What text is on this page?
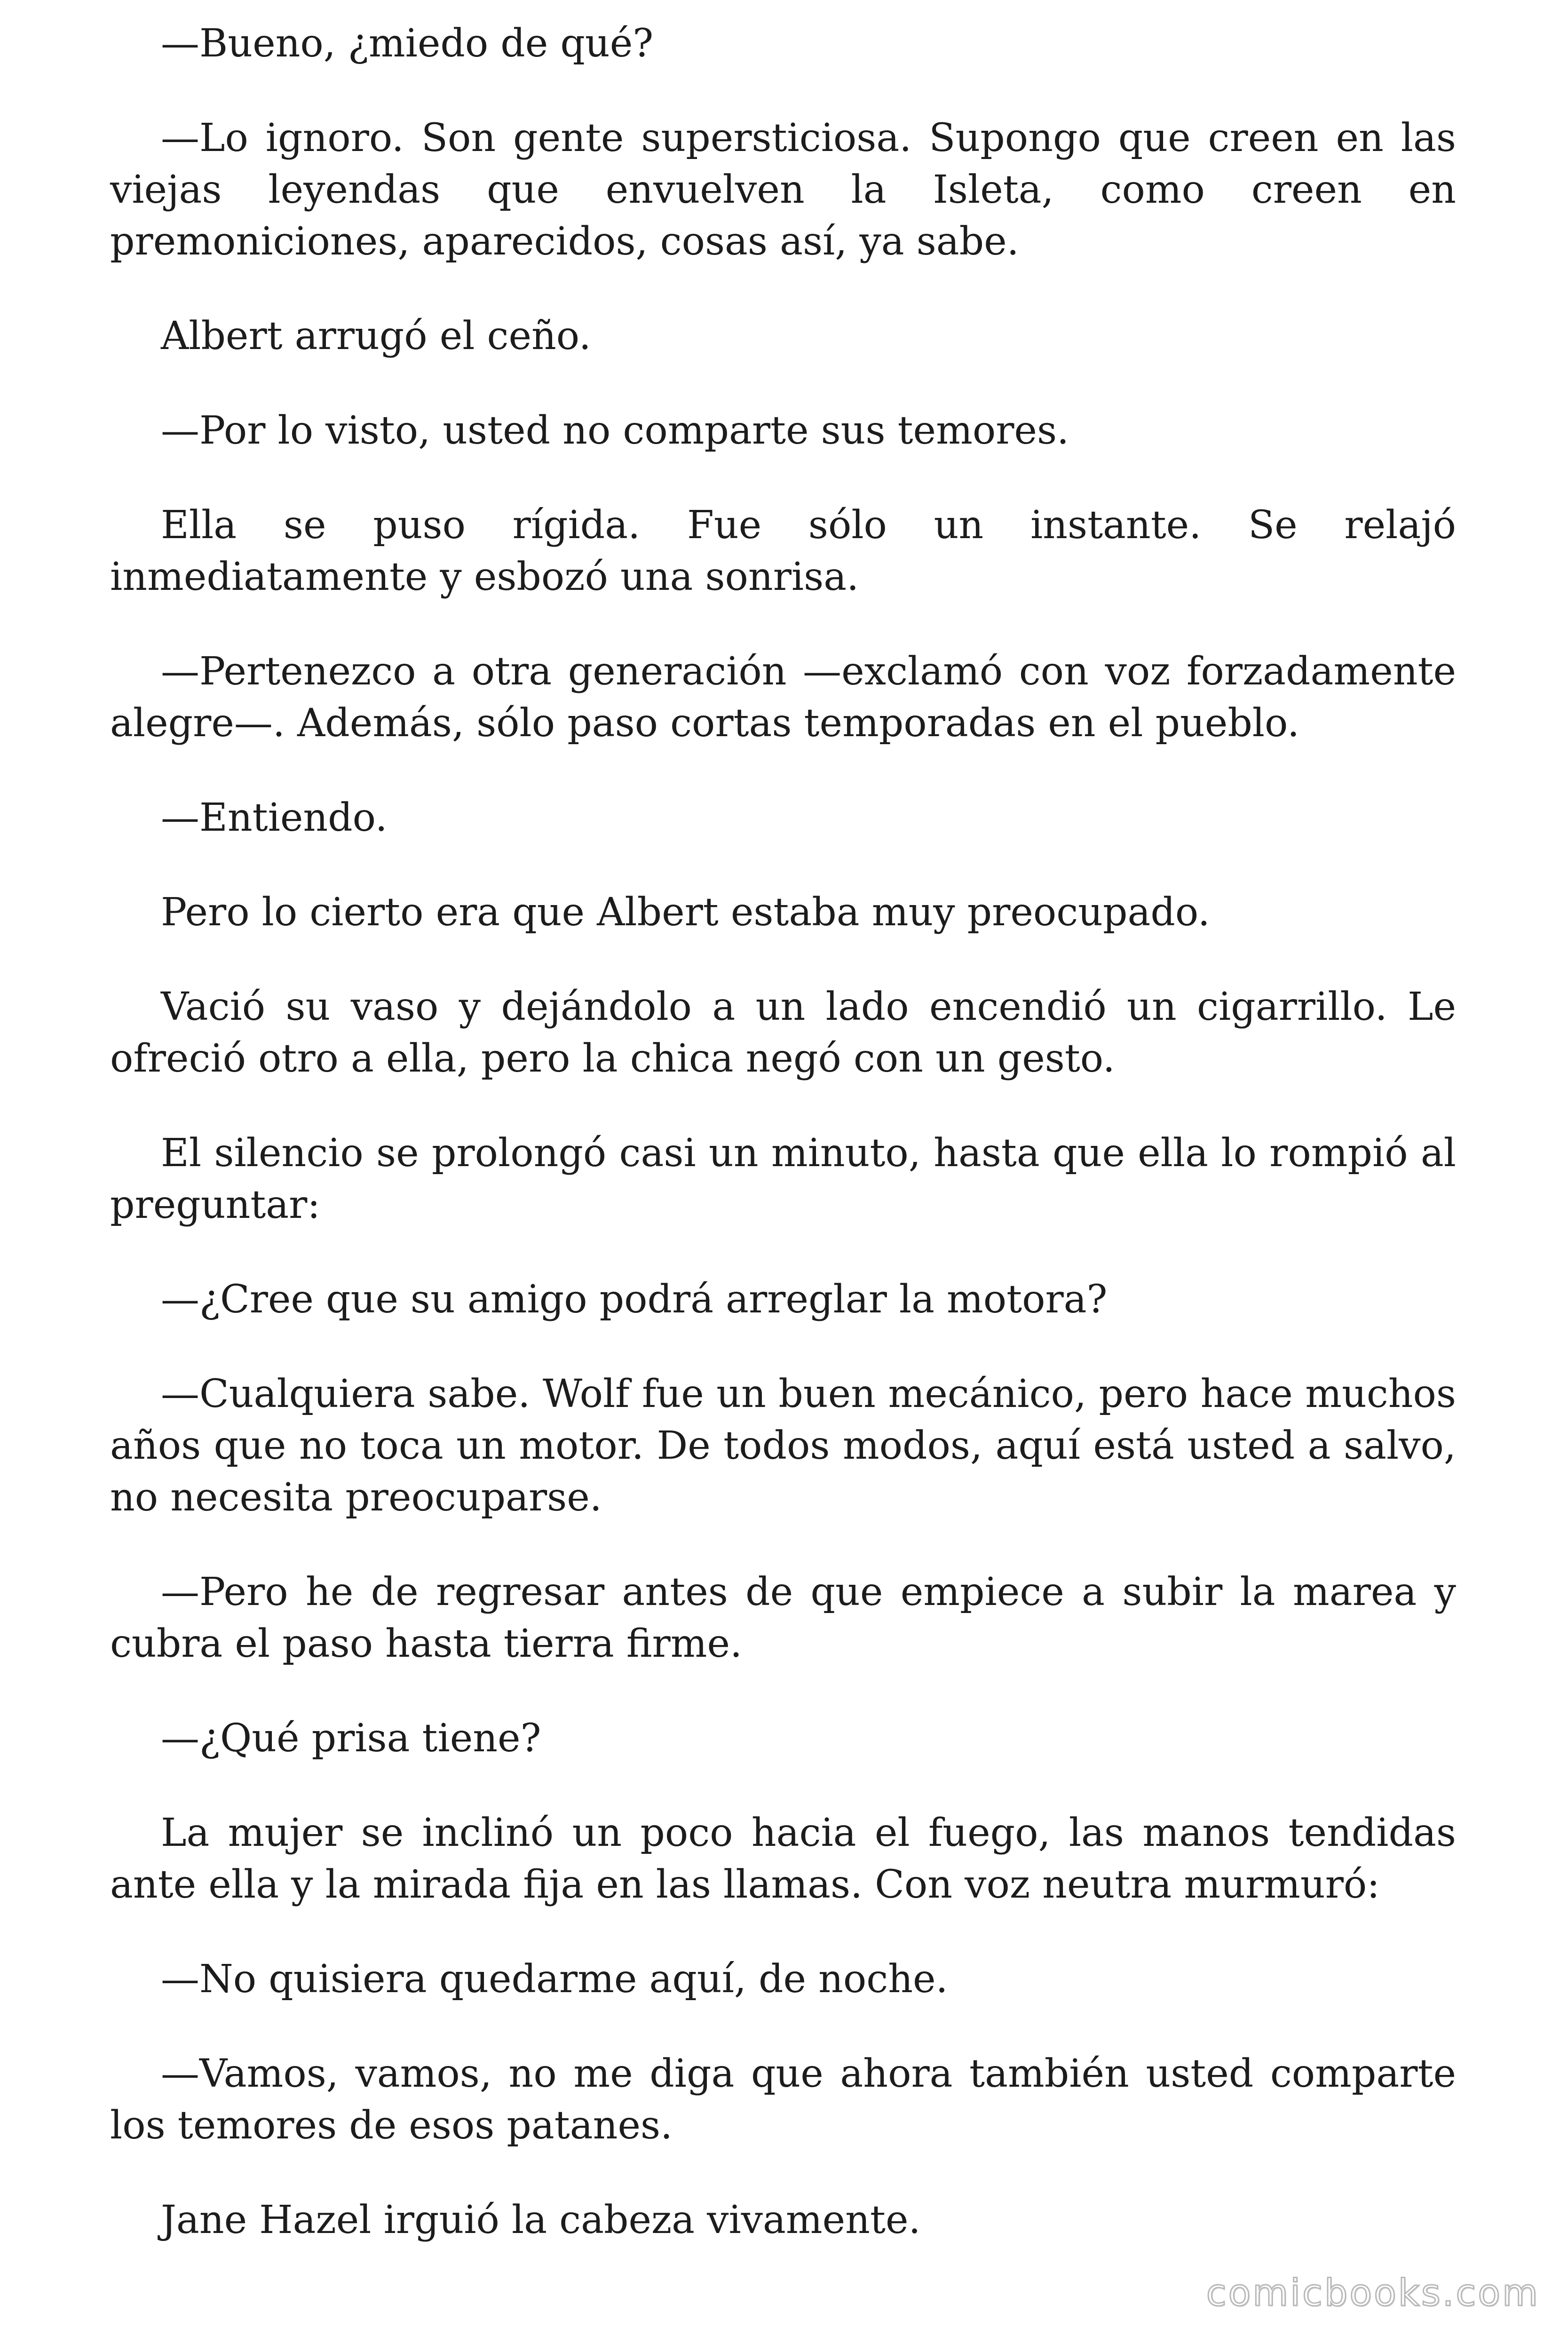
—Bueno, ¿miedo de qué?

—Lo ignoro. Son gente supersticiosa. Supongo que creen en las viejas leyendas que envuelven la Isleta, como creen en premoniciones, aparecidos, cosas así, ya sabe.

Albert arrugó el ceño.

—Por lo visto, usted no comparte sus temores.

Ella se puso rígida. Fue sólo un instante. Se relajó inmediatamente y esbozó una sonrisa.

—Pertenezco a otra generación —exclamó con voz forzadamente alegre—. Además, sólo paso cortas temporadas en el pueblo.

—Entiendo.

Pero lo cierto era que Albert estaba muy preocupado.

Vació su vaso y dejándolo a un lado encendió un cigarrillo. Le ofreció otro a ella, pero la chica negó con un gesto.

El silencio se prolongó casi un minuto, hasta que ella lo rompió al preguntar:

—¿Cree que su amigo podrá arreglar la motora?

—Cualquiera sabe. Wolf fue un buen mecánico, pero hace muchos años que no toca un motor. De todos modos, aquí está usted a salvo, no necesita preocuparse.

—Pero he de regresar antes de que empiece a subir la marea y cubra el paso hasta tierra firme.

—¿Qué prisa tiene?

La mujer se inclinó un poco hacia el fuego, las manos tendidas ante ella y la mirada fija en las llamas. Con voz neutra murmuró:

—No quisiera quedarme aquí, de noche.

—Vamos, vamos, no me diga que ahora también usted comparte los temores de esos patanes.

Jane Hazel irguió la cabeza vivamente.

comicbooks.com
